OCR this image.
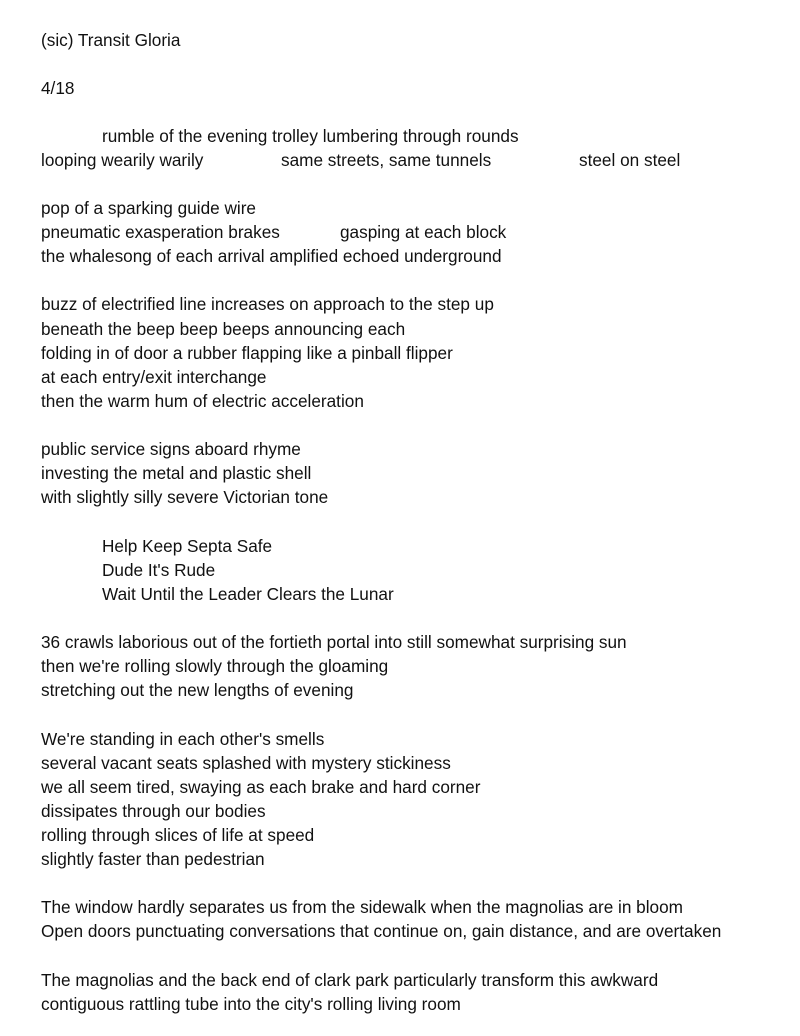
(sic) Transit Gloria
4/18
rumble of the evening trolley lumbering through rounds
looping wearily warily	same streets, same tunnels	steel on steel
pop of a sparking guide wire
pneumatic exasperation brakes	gasping at each block
the whalesong of each arrival amplified echoed underground
buzz of electrified line increases on approach to the step up
beneath the beep beep beeps announcing each
folding in of door a rubber flapping like a pinball flipper
at each entry/exit interchange
then the warm hum of electric acceleration
public service signs aboard rhyme
investing the metal and plastic shell
with slightly silly severe Victorian tone
Help Keep Septa Safe
Dude It's Rude
Wait Until the Leader Clears the Lunar
36 crawls laborious out of the fortieth portal into still somewhat surprising sun
then we're rolling slowly through the gloaming
stretching out the new lengths of evening
We're standing in each other's smells
several vacant seats splashed with mystery stickiness
we all seem tired, swaying as each brake and hard corner
dissipates through our bodies
rolling through slices of life at speed
slightly faster than pedestrian
The window hardly separates us from the sidewalk when the magnolias are in bloom
Open doors punctuating conversations that continue on, gain distance, and are overtaken
The magnolias and the back end of clark park particularly transform this awkward
contiguous rattling tube into the city's rolling living room
